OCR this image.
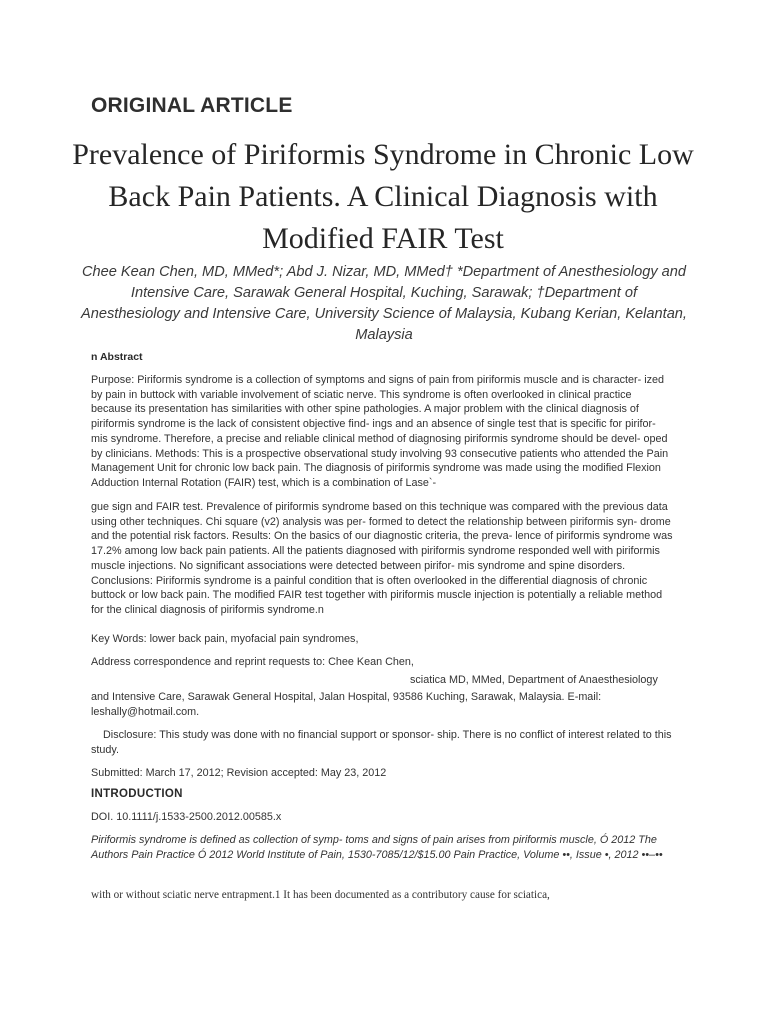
ORIGINAL ARTICLE
Prevalence of Piriformis Syndrome in Chronic Low Back Pain Patients. A Clinical Diagnosis with Modified FAIR Test
Chee Kean Chen, MD, MMed*; Abd J. Nizar, MD, MMed† *Department of Anesthesiology and Intensive Care, Sarawak General Hospital, Kuching, Sarawak; †Department of Anesthesiology and Intensive Care, University Science of Malaysia, Kubang Kerian, Kelantan, Malaysia
n Abstract
Purpose: Piriformis syndrome is a collection of symptoms and signs of pain from piriformis muscle and is character- ized by pain in buttock with variable involvement of sciatic nerve. This syndrome is often overlooked in clinical practice because its presentation has similarities with other spine pathologies. A major problem with the clinical diagnosis of piriformis syndrome is the lack of consistent objective find- ings and an absence of single test that is specific for pirifor- mis syndrome. Therefore, a precise and reliable clinical method of diagnosing piriformis syndrome should be devel- oped by clinicians. Methods: This is a prospective observational study involving 93 consecutive patients who attended the Pain Management Unit for chronic low back pain. The diagnosis of piriformis syndrome was made using the modified Flexion Adduction Internal Rotation (FAIR) test, which is a combination of Lase`-
gue sign and FAIR test. Prevalence of piriformis syndrome based on this technique was compared with the previous data using other techniques. Chi square (v2) analysis was per- formed to detect the relationship between piriformis syn- drome and the potential risk factors. Results: On the basics of our diagnostic criteria, the preva- lence of piriformis syndrome was 17.2% among low back pain patients. All the patients diagnosed with piriformis syndrome responded well with piriformis muscle injections. No significant associations were detected between pirifor- mis syndrome and spine disorders. Conclusions: Piriformis syndrome is a painful condition that is often overlooked in the differential diagnosis of chronic buttock or low back pain. The modified FAIR test together with piriformis muscle injection is potentially a reliable method for the clinical diagnosis of piriformis syndrome.n
Key Words: lower back pain, myofacial pain syndromes,
Address correspondence and reprint requests to: Chee Kean Chen,
sciatica MD, MMed, Department of Anaesthesiology
and Intensive Care, Sarawak General Hospital, Jalan Hospital, 93586 Kuching, Sarawak, Malaysia. E-mail: leshally@hotmail.com.
Disclosure: This study was done with no financial support or sponsor- ship. There is no conflict of interest related to this study.
Submitted: March 17, 2012; Revision accepted: May 23, 2012
INTRODUCTION
DOI. 10.1111/j.1533-2500.2012.00585.x
Piriformis syndrome is defined as collection of symp- toms and signs of pain arises from piriformis muscle, Ó 2012 The Authors Pain Practice Ó 2012 World Institute of Pain, 1530-7085/12/$15.00 Pain Practice, Volume ••, Issue •, 2012 ••–••
with or without sciatic nerve entrapment.1 It has been documented as a contributory cause for sciatica,
